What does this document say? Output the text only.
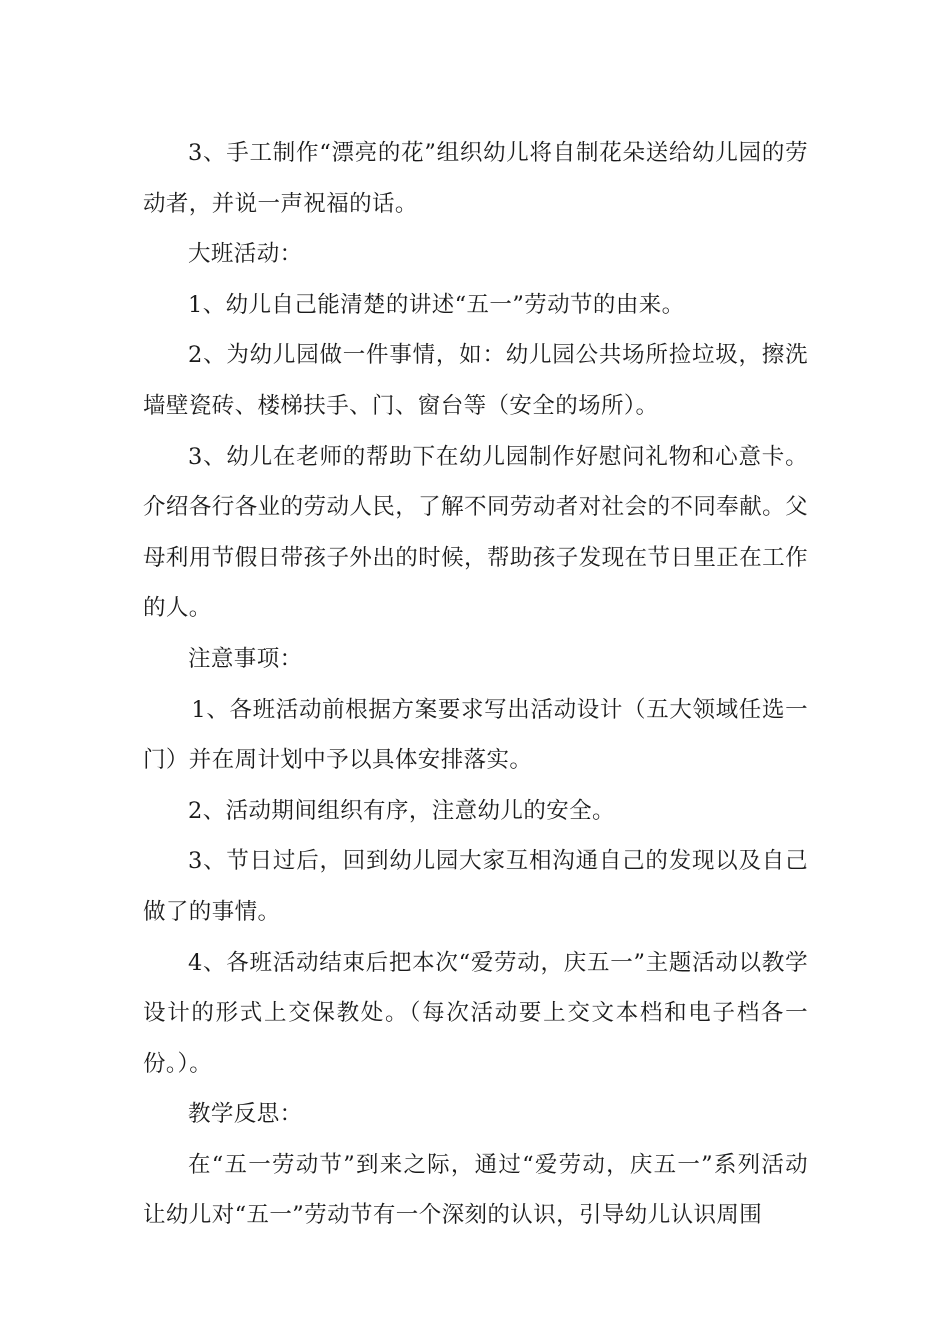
3、手工制作“漂亮的花”组织幼儿将自制花朵送给幼儿园的劳动者，并说一声祝福的话。

大班活动：

1、幼儿自己能清楚的讲述“五一”劳动节的由来。

2、为幼儿园做一件事情，如：幼儿园公共场所捡垃圾，擦洗墙壁瓷砖、楼梯扶手、门、窗台等（安全的场所）。

3、幼儿在老师的帮助下在幼儿园制作好慰问礼物和心意卡。介绍各行各业的劳动人民，了解不同劳动者对社会的不同奉献。父母利用节假日带孩子外出的时候，帮助孩子发现在节日里正在工作的人。

注意事项：

1、各班活动前根据方案要求写出活动设计（五大领域任选一门）并在周计划中予以具体安排落实。

2、活动期间组织有序，注意幼儿的安全。

3、节日过后，回到幼儿园大家互相沟通自己的发现以及自己做了的事情。

4、各班活动结束后把本次“爱劳动，庆五一”主题活动以教学设计的形式上交保教处。（每次活动要上交文本档和电子档各一份。）。

教学反思：

在“五一劳动节”到来之际，通过“爱劳动，庆五一”系列活动让幼儿对“五一”劳动节有一个深刻的认识，引导幼儿认识周围
